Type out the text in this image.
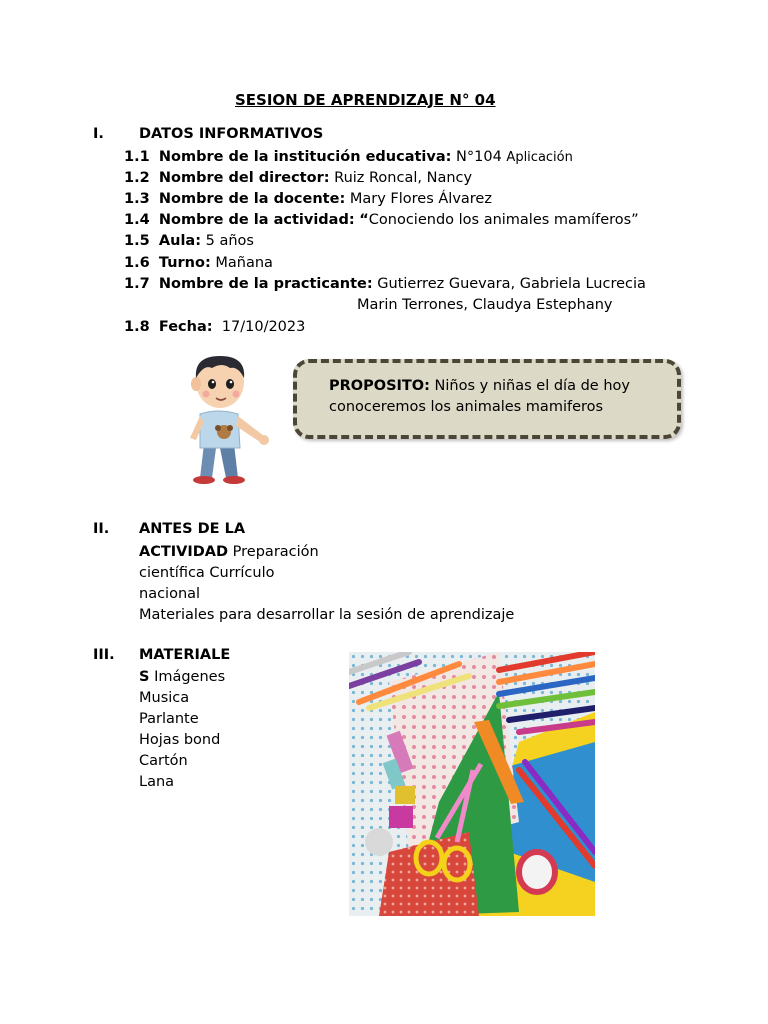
SESION DE APRENDIZAJE N° 04
I. DATOS INFORMATIVOS
1.1 Nombre de la institución educativa: N°104 Aplicación
1.2 Nombre del director: Ruiz Roncal, Nancy
1.3 Nombre de la docente: Mary Flores Álvarez
1.4 Nombre de la actividad: “Conociendo los animales mamíferos”
1.5 Aula: 5 años
1.6 Turno: Mañana
1.7 Nombre de la practicante: Gutierrez Guevara, Gabriela Lucrecia
Marin Terrones, Claudya Estephany
1.8 Fecha: 17/10/2023
PROPOSITO: Niños y niñas el día de hoy
conoceremos los animales mamiferos
II. ANTES DE LA
ACTIVIDAD Preparación
científica Currículo
nacional
Materiales para desarrollar la sesión de aprendizaje
III. MATERIALE
S Imágenes
Musica
Parlante
Hojas bond
Cartón
Lana
